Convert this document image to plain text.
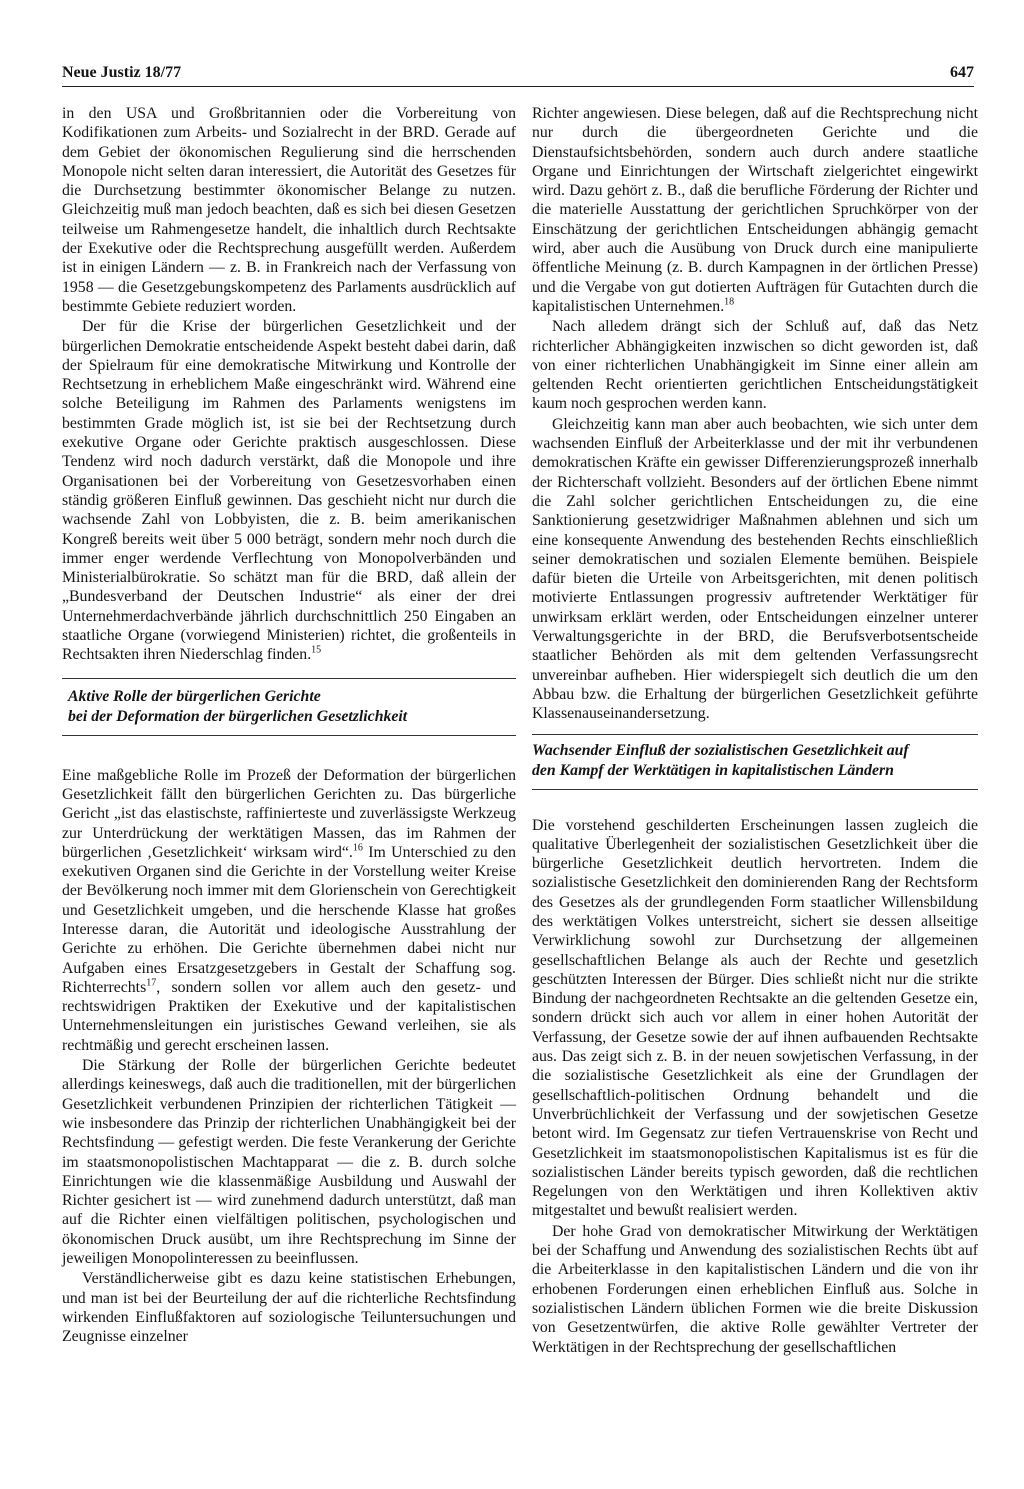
Neue Justiz 18/77	647

in den USA und Großbritannien oder die Vorbereitung von Kodifikationen zum Arbeits- und Sozialrecht in der BRD. Gerade auf dem Gebiet der ökonomischen Regulierung sind die herrschenden Monopole nicht selten daran interessiert, die Autorität des Gesetzes für die Durchsetzung bestimmter ökonomischer Belange zu nutzen. Gleichzeitig muß man jedoch beachten, daß es sich bei diesen Gesetzen teilweise um Rahmengesetze handelt, die inhaltlich durch Rechtsakte der Exekutive oder die Rechtsprechung ausgefüllt werden. Außerdem ist in einigen Ländern — z. B. in Frankreich nach der Verfassung von 1958 — die Gesetzgebungskompetenz des Parlaments ausdrücklich auf bestimmte Gebiete reduziert worden.

Der für die Krise der bürgerlichen Gesetzlichkeit und der bürgerlichen Demokratie entscheidende Aspekt besteht dabei darin, daß der Spielraum für eine demokratische Mitwirkung und Kontrolle der Rechtsetzung in erheblichem Maße eingeschränkt wird. Während eine solche Beteiligung im Rahmen des Parlaments wenigstens im bestimmten Grade möglich ist, ist sie bei der Rechtsetzung durch exekutive Organe oder Gerichte praktisch ausgeschlossen. Diese Tendenz wird noch dadurch verstärkt, daß die Monopole und ihre Organisationen bei der Vorbereitung von Gesetzesvorhaben einen ständig größeren Einfluß gewinnen. Das geschieht nicht nur durch die wachsende Zahl von Lobbyisten, die z. B. beim amerikanischen Kongreß bereits weit über 5 000 beträgt, sondern mehr noch durch die immer enger werdende Verflechtung von Monopolverbänden und Ministerialbürokratie. So schätzt man für die BRD, daß allein der „Bundesverband der Deutschen Industrie“ als einer der drei Unternehmerdachverbände jährlich durchschnittlich 250 Eingaben an staatliche Organe (vorwiegend Ministerien) richtet, die großenteils in Rechtsakten ihren Niederschlag finden.$^{15}$

Aktive Rolle der bürgerlichen Gerichte
bei der Deformation der bürgerlichen Gesetzlichkeit

Eine maßgebliche Rolle im Prozeß der Deformation der bürgerlichen Gesetzlichkeit fällt den bürgerlichen Gerichten zu. Das bürgerliche Gericht „ist das elastischste, raffinierteste und zuverlässigste Werkzeug zur Unterdrückung der werktätigen Massen, das im Rahmen der bürgerlichen ‚Gesetzlichkeit‘ wirksam wird“.$^{16}$ Im Unterschied zu den exekutiven Organen sind die Gerichte in der Vorstellung weiter Kreise der Bevölkerung noch immer mit dem Glorienschein von Gerechtigkeit und Gesetzlichkeit umgeben, und die herschende Klasse hat großes Interesse daran, die Autorität und ideologische Ausstrahlung der Gerichte zu erhöhen. Die Gerichte übernehmen dabei nicht nur Aufgaben eines Ersatzgesetzgebers in Gestalt der Schaffung sog. Richterrechts$^{17}$, sondern sollen vor allem auch den gesetz- und rechtswidrigen Praktiken der Exekutive und der kapitalistischen Unternehmensleitungen ein juristisches Gewand verleihen, sie als rechtmäßig und gerecht erscheinen lassen.

Die Stärkung der Rolle der bürgerlichen Gerichte bedeutet allerdings keineswegs, daß auch die traditionellen, mit der bürgerlichen Gesetzlichkeit verbundenen Prinzipien der richterlichen Tätigkeit — wie insbesondere das Prinzip der richterlichen Unabhängigkeit bei der Rechtsfindung — gefestigt werden. Die feste Verankerung der Gerichte im staatsmonopolistischen Machtapparat — die z. B. durch solche Einrichtungen wie die klassenmäßige Ausbildung und Auswahl der Richter gesichert ist — wird zunehmend dadurch unterstützt, daß man auf die Richter einen vielfältigen politischen, psychologischen und ökonomischen Druck ausübt, um ihre Rechtsprechung im Sinne der jeweiligen Monopolinteressen zu beeinflussen.

Verständlicherweise gibt es dazu keine statistischen Erhebungen, und man ist bei der Beurteilung der auf die richterliche Rechtsfindung wirkenden Einflußfaktoren auf soziologische Teiluntersuchungen und Zeugnisse einzelner

Richter angewiesen. Diese belegen, daß auf die Rechtsprechung nicht nur durch die übergeordneten Gerichte und die Dienstaufsichtsbehörden, sondern auch durch andere staatliche Organe und Einrichtungen der Wirtschaft zielgerichtet eingewirkt wird. Dazu gehört z. B., daß die berufliche Förderung der Richter und die materielle Ausstattung der gerichtlichen Spruchkörper von der Einschätzung der gerichtlichen Entscheidungen abhängig gemacht wird, aber auch die Ausübung von Druck durch eine manipulierte öffentliche Meinung (z. B. durch Kampagnen in der örtlichen Presse) und die Vergabe von gut dotierten Aufträgen für Gutachten durch die kapitalistischen Unternehmen.$^{18}$

Nach alledem drängt sich der Schluß auf, daß das Netz richterlicher Abhängigkeiten inzwischen so dicht geworden ist, daß von einer richterlichen Unabhängigkeit im Sinne einer allein am geltenden Recht orientierten gerichtlichen Entscheidungstätigkeit kaum noch gesprochen werden kann.

Gleichzeitig kann man aber auch beobachten, wie sich unter dem wachsenden Einfluß der Arbeiterklasse und der mit ihr verbundenen demokratischen Kräfte ein gewisser Differenzierungsprozeß innerhalb der Richterschaft vollzieht. Besonders auf der örtlichen Ebene nimmt die Zahl solcher gerichtlichen Entscheidungen zu, die eine Sanktionierung gesetzwidriger Maßnahmen ablehnen und sich um eine konsequente Anwendung des bestehenden Rechts einschließlich seiner demokratischen und sozialen Elemente bemühen. Beispiele dafür bieten die Urteile von Arbeitsgerichten, mit denen politisch motivierte Entlassungen progressiv auftretender Werktätiger für unwirksam erklärt werden, oder Entscheidungen einzelner unterer Verwaltungsgerichte in der BRD, die Berufsverbotsentscheide staatlicher Behörden als mit dem geltenden Verfassungsrecht unvereinbar aufheben. Hier widerspiegelt sich deutlich die um den Abbau bzw. die Erhaltung der bürgerlichen Gesetzlichkeit geführte Klassenauseinandersetzung.

Wachsender Einfluß der sozialistischen Gesetzlichkeit auf
den Kampf der Werktätigen in kapitalistischen Ländern

Die vorstehend geschilderten Erscheinungen lassen zugleich die qualitative Überlegenheit der sozialistischen Gesetzlichkeit über die bürgerliche Gesetzlichkeit deutlich hervortreten. Indem die sozialistische Gesetzlichkeit den dominierenden Rang der Rechtsform des Gesetzes als der grundlegenden Form staatlicher Willensbildung des werktätigen Volkes unterstreicht, sichert sie dessen allseitige Verwirklichung sowohl zur Durchsetzung der allgemeinen gesellschaftlichen Belange als auch der Rechte und gesetzlich geschützten Interessen der Bürger. Dies schließt nicht nur die strikte Bindung der nachgeordneten Rechtsakte an die geltenden Gesetze ein, sondern drückt sich auch vor allem in einer hohen Autorität der Verfassung, der Gesetze sowie der auf ihnen aufbauenden Rechtsakte aus. Das zeigt sich z. B. in der neuen sowjetischen Verfassung, in der die sozialistische Gesetzlichkeit als eine der Grundlagen der gesellschaftlich-politischen Ordnung behandelt und die Unverbrüchlichkeit der Verfassung und der sowjetischen Gesetze betont wird. Im Gegensatz zur tiefen Vertrauenskrise von Recht und Gesetzlichkeit im staatsmonopolistischen Kapitalismus ist es für die sozialistischen Länder bereits typisch geworden, daß die rechtlichen Regelungen von den Werktätigen und ihren Kollektiven aktiv mitgestaltet und bewußt realisiert werden.

Der hohe Grad von demokratischer Mitwirkung der Werktätigen bei der Schaffung und Anwendung des sozialistischen Rechts übt auf die Arbeiterklasse in den kapitalistischen Ländern und die von ihr erhobenen Forderungen einen erheblichen Einfluß aus. Solche in sozialistischen Ländern üblichen Formen wie die breite Diskussion von Gesetzentwürfen, die aktive Rolle gewählter Vertreter der Werktätigen in der Rechtsprechung der gesellschaftlichen
